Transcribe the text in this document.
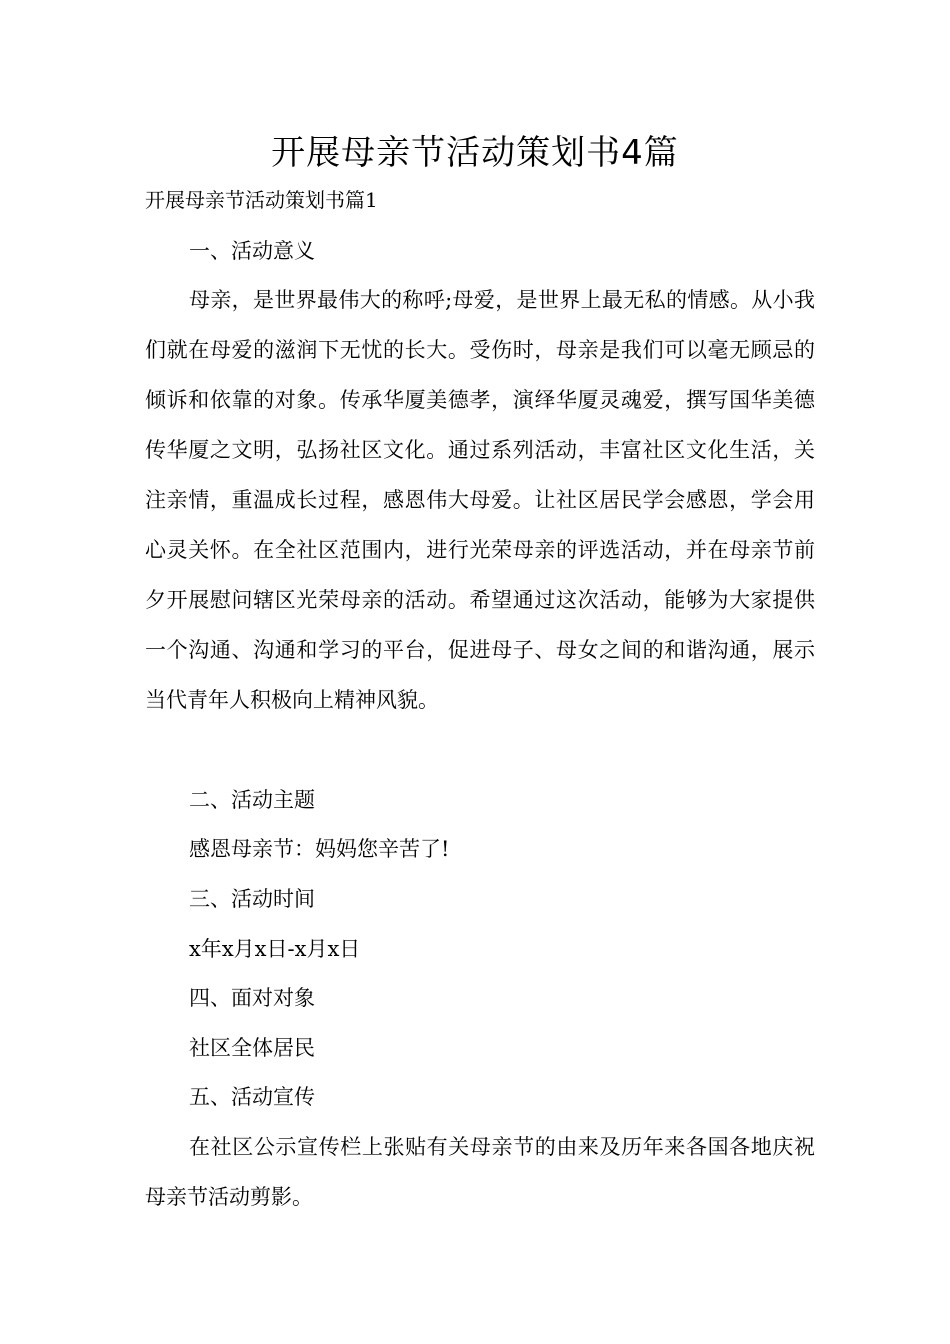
开展母亲节活动策划书4篇

开展母亲节活动策划书篇1

一、活动意义

母亲，是世界最伟大的称呼;母爱，是世界上最无私的情感。从小我们就在母爱的滋润下无忧的长大。受伤时，母亲是我们可以毫无顾忌的倾诉和依靠的对象。传承华厦美德孝，演绎华厦灵魂爱，撰写国华美德传华厦之文明，弘扬社区文化。通过系列活动，丰富社区文化生活，关注亲情，重温成长过程，感恩伟大母爱。让社区居民学会感恩，学会用心灵关怀。在全社区范围内，进行光荣母亲的评选活动，并在母亲节前夕开展慰问辖区光荣母亲的活动。希望通过这次活动，能够为大家提供一个沟通、沟通和学习的平台，促进母子、母女之间的和谐沟通，展示当代青年人积极向上精神风貌。

二、活动主题

感恩母亲节：妈妈您辛苦了!

三、活动时间

x年x月x日-x月x日

四、面对对象

社区全体居民

五、活动宣传

在社区公示宣传栏上张贴有关母亲节的由来及历年来各国各地庆祝母亲节活动剪影。
